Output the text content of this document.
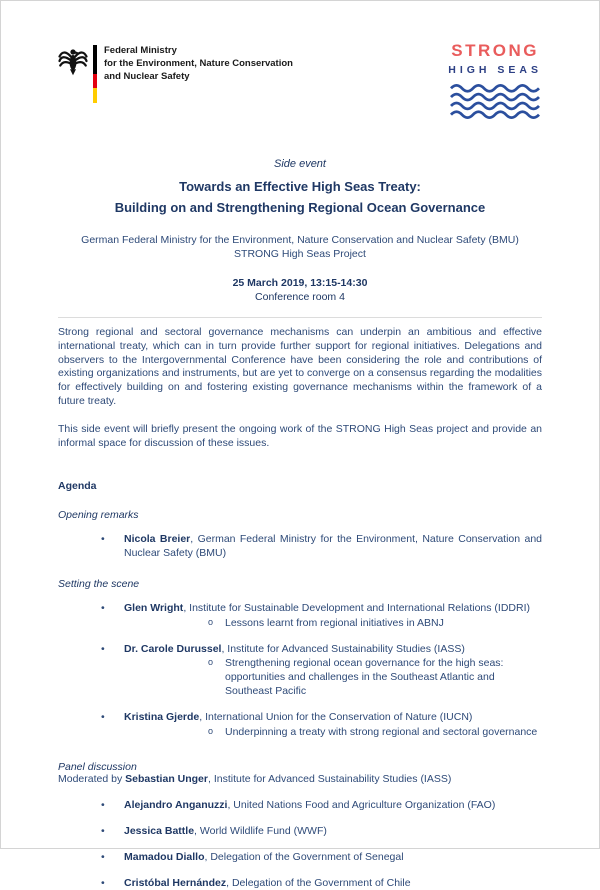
Federal Ministry
for the Environment, Nature Conservation
and Nuclear Safety
STRONG
HIGH SEAS
Side event
Towards an Effective High Seas Treaty:
Building on and Strengthening Regional Ocean Governance
German Federal Ministry for the Environment, Nature Conservation and Nuclear Safety (BMU)
STRONG High Seas Project
25 March 2019, 13:15-14:30
Conference room 4

Strong regional and sectoral governance mechanisms can underpin an ambitious and effective international treaty, which can in turn provide further support for regional initiatives. Delegations and observers to the Intergovernmental Conference have been considering the role and contributions of existing organizations and instruments, but are yet to converge on a consensus regarding the modalities for effectively building on and fostering existing governance mechanisms within the framework of a future treaty.

This side event will briefly present the ongoing work of the STRONG High Seas project and provide an informal space for discussion of these issues.

Agenda
Opening remarks
• Nicola Breier, German Federal Ministry for the Environment, Nature Conservation and Nuclear Safety (BMU)
Setting the scene
• Glen Wright, Institute for Sustainable Development and International Relations (IDDRI)
o Lessons learnt from regional initiatives in ABNJ
• Dr. Carole Durussel, Institute for Advanced Sustainability Studies (IASS)
o Strengthening regional ocean governance for the high seas: opportunities and challenges in the Southeast Atlantic and Southeast Pacific
• Kristina Gjerde, International Union for the Conservation of Nature (IUCN)
o Underpinning a treaty with strong regional and sectoral governance
Panel discussion
Moderated by Sebastian Unger, Institute for Advanced Sustainability Studies (IASS)
• Alejandro Anganuzzi, United Nations Food and Agriculture Organization (FAO)
• Jessica Battle, World Wildlife Fund (WWF)
• Mamadou Diallo, Delegation of the Government of Senegal
• Cristóbal Hernández, Delegation of the Government of Chile
